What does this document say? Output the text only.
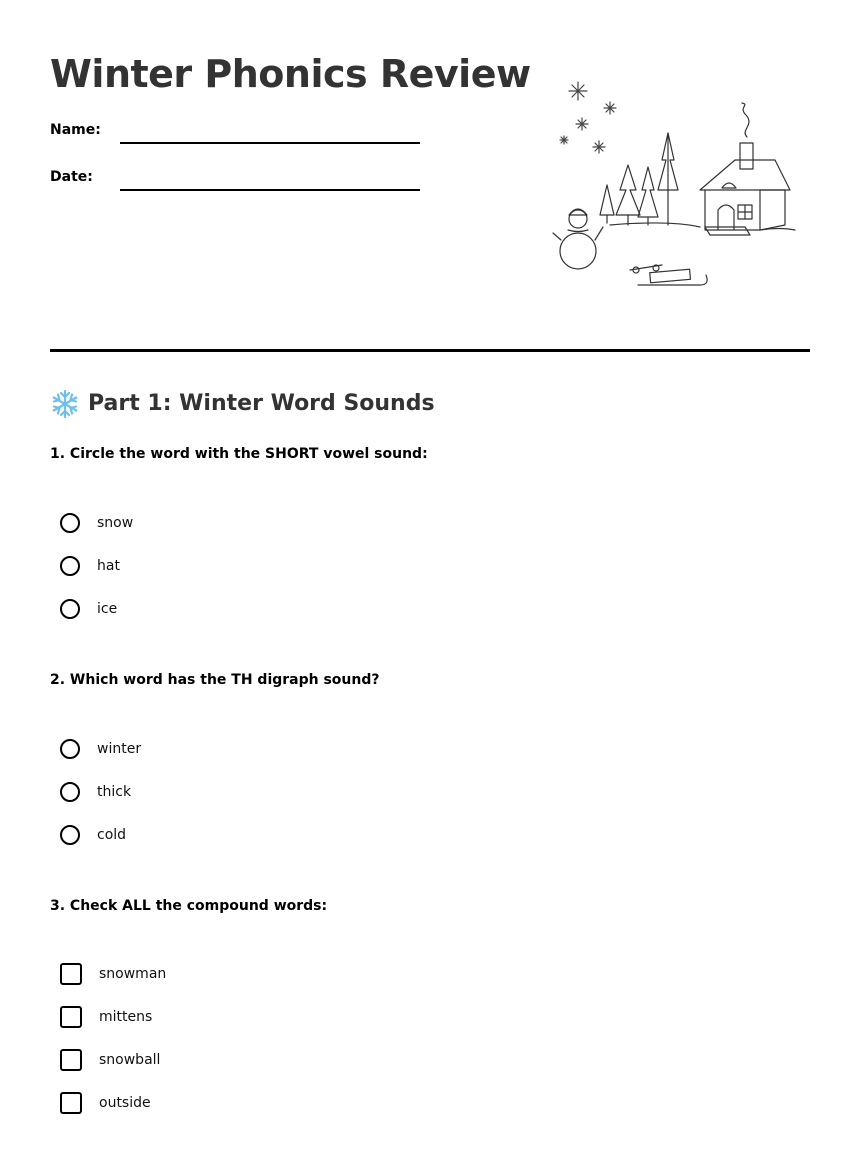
Winter Phonics Review
Name:
Date:
Part 1: Winter Word Sounds
1. Circle the word with the SHORT vowel sound:
snow
hat
ice
2. Which word has the TH digraph sound?
winter
thick
cold
3. Check ALL the compound words:
snowman
mittens
snowball
outside
